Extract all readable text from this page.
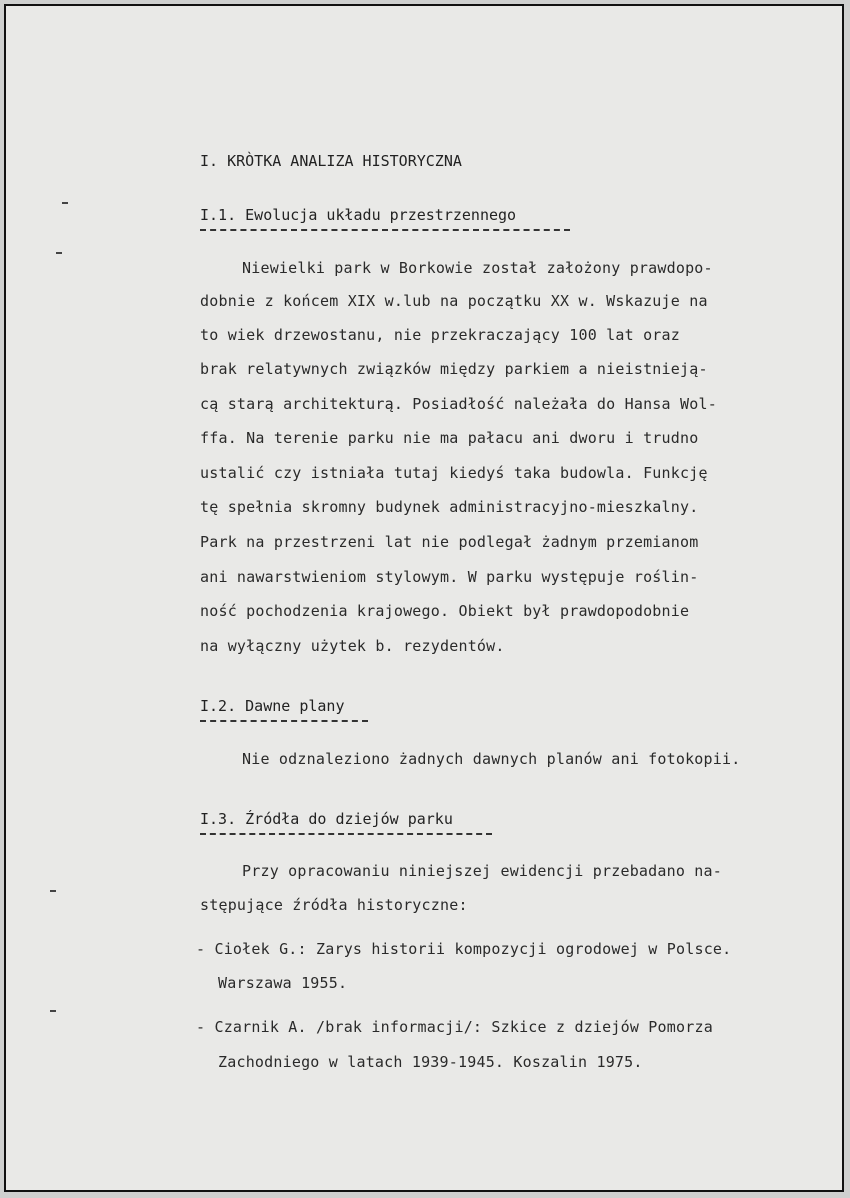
I. KRÒTKA ANALIZA HISTORYCZNA

I.1. Ewolucja układu przestrzennego

Niewielki park w Borkowie został założony prawdopo-

dobnie z końcem XIX w.lub na początku XX w. Wskazuje na

to wiek drzewostanu, nie przekraczający 100 lat oraz

brak relatywnych związków między parkiem a nieistnieją-

cą starą architekturą. Posiadłość należała do Hansa Wol-

ffa. Na terenie parku nie ma pałacu ani dworu i trudno

ustalić czy istniała tutaj kiedyś taka budowla. Funkcję

tę spełnia skromny budynek administracyjno-mieszkalny.

Park na przestrzeni lat nie podlegał żadnym przemianom

ani nawarstwieniom stylowym. W parku występuje roślin-

ność pochodzenia krajowego. Obiekt był prawdopodobnie

na wyłączny użytek b. rezydentów.

I.2. Dawne plany

Nie odznaleziono żadnych dawnych planów ani fotokopii.

I.3. Źródła do dziejów parku

Przy opracowaniu niniejszej ewidencji przebadano na-

stępujące źródła historyczne:

- Ciołek G.: Zarys historii kompozycji ogrodowej w Polsce.

Warszawa 1955.

- Czarnik A. /brak informacji/: Szkice z dziejów Pomorza

Zachodniego w latach 1939-1945. Koszalin 1975.
